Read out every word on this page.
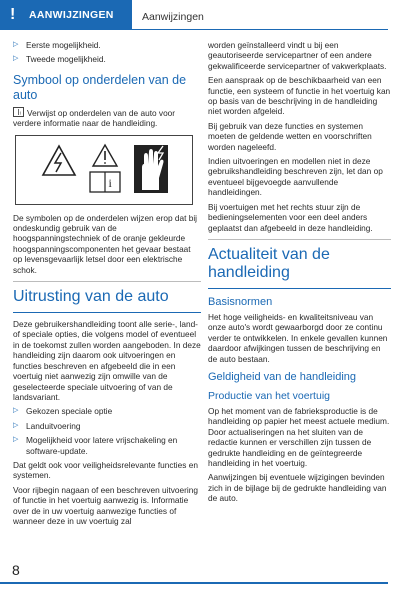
! AANWIJZINGEN	Aanwijzingen
▷ Eerste mogelijkheid.
▷ Tweede mogelijkheid.
Symbool op onderdelen van de auto

i Verwijst op onderdelen van de auto voor verdere informatie naar de handleiding.

i

De symbolen op de onderdelen wijzen erop dat bij ondeskundig gebruik van de hoogspanningstechniek of de oranje gekleurde hoogspanningscomponenten het gevaar bestaat op levensgevaarlijk letsel door een elektrische schok.

Uitrusting van de auto

Deze gebruikershandleiding toont alle serie-, land- of speciale opties, die volgens model of eventueel in de toekomst zullen worden aangeboden. In deze handleiding zijn daarom ook uitvoeringen en functies beschreven en afgebeeld die in een voertuig niet aanwezig zijn omwille van de geselecteerde speciale uitvoering of van de landsvariant.

▷ Gekozen speciale optie
▷ Landuitvoering
▷ Mogelijkheid voor latere vrijschakeling en software-update.

Dat geldt ook voor veiligheidsrelevante functies en systemen.

Voor rijbegin nagaan of een beschreven uitvoering of functie in het voertuig aanwezig is. Informatie over de in uw voertuig aanwezige functies of wanneer deze in uw voertuig zal

worden geïnstalleerd vindt u bij een geautoriseerde servicepartner of een andere gekwalificeerde servicepartner of vakwerkplaats.

Een aanspraak op de beschikbaarheid van een functie, een systeem of functie in het voertuig kan op basis van de beschrijving in de handleiding niet worden afgeleid.

Bij gebruik van deze functies en systemen moeten de geldende wetten en voorschriften worden nageleefd.

Indien uitvoeringen en modellen niet in deze gebruikshandleiding beschreven zijn, let dan op eventueel bijgevoegde aanvullende handleidingen.

Bij voertuigen met het rechts stuur zijn de bedieningselementen voor een deel anders geplaatst dan afgebeeld in deze handleiding.

Actualiteit van de handleiding
Basisnormen

Het hoge veiligheids- en kwaliteitsniveau van onze auto's wordt gewaarborgd door ze continu verder te ontwikkelen. In enkele gevallen kunnen daardoor afwijkingen tussen de beschrijving en de auto bestaan.

Geldigheid van de handleiding
Productie van het voertuig

Op het moment van de fabrieksproductie is de handleiding op papier het meest actuele medium. Door actualiseringen na het sluiten van de redactie kunnen er verschillen zijn tussen de gedrukte handleiding en de geïntegreerde handleiding in het voertuig.

Aanwijzingen bij eventuele wijzigingen bevinden zich in de bijlage bij de gedrukte handleiding van de auto.

8
